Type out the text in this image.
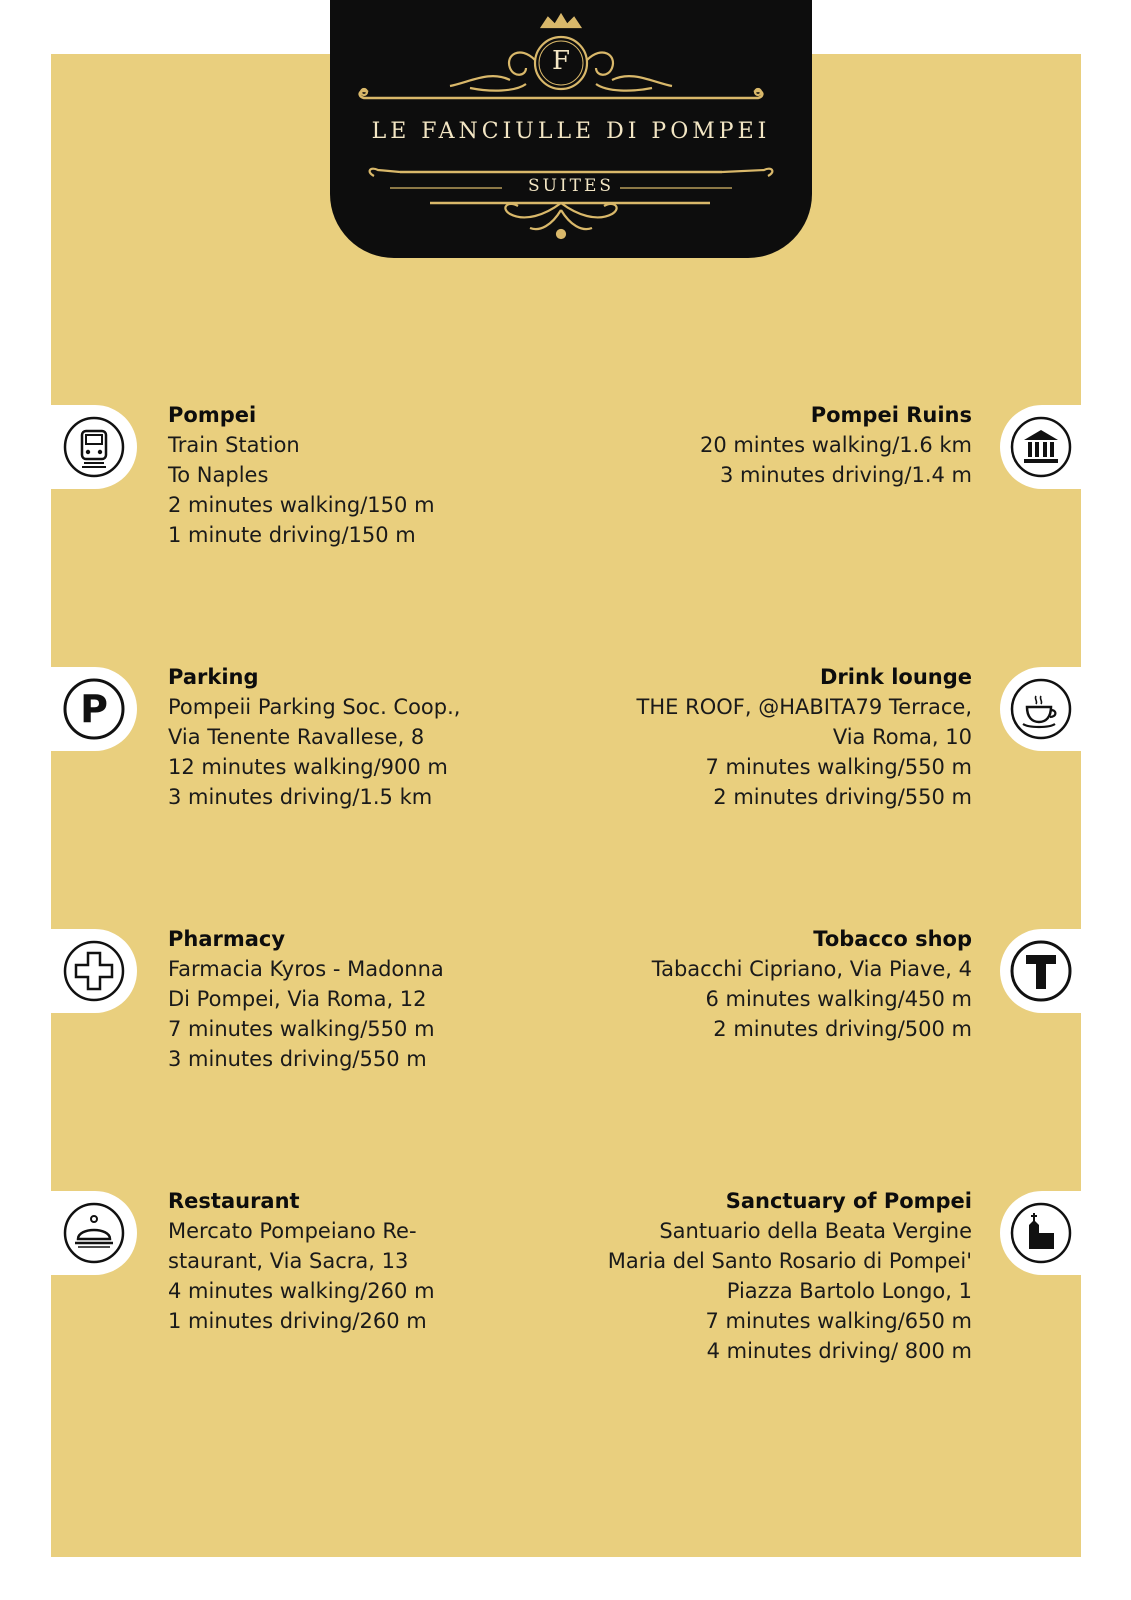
F
LE FANCIULLE DI POMPEI
SUITES
Pompei
Train Station
To Naples
2 minutes walking/150 m
1 minute driving/150 m
Pompei Ruins
20 mintes walking/1.6 km
3 minutes driving/1.4 m
P
Parking
Pompeii Parking Soc. Coop.,
Via Tenente Ravallese, 8
12 minutes walking/900 m
3 minutes driving/1.5 km
Drink lounge
THE ROOF, @HABITA79 Terrace,
Via Roma, 10
7 minutes walking/550 m
2 minutes driving/550 m
Pharmacy
Farmacia Kyros - Madonna
Di Pompei, Via Roma, 12
7 minutes walking/550 m
3 minutes driving/550 m
Tobacco shop
Tabacchi Cipriano, Via Piave, 4
6 minutes walking/450 m
2 minutes driving/500 m
Restaurant
Mercato Pompeiano Re-
staurant, Via Sacra, 13
4 minutes walking/260 m
1 minutes driving/260 m
Sanctuary of Pompei
Santuario della Beata Vergine
Maria del Santo Rosario di Pompei'
Piazza Bartolo Longo, 1
7 minutes walking/650 m
4 minutes driving/ 800 m
